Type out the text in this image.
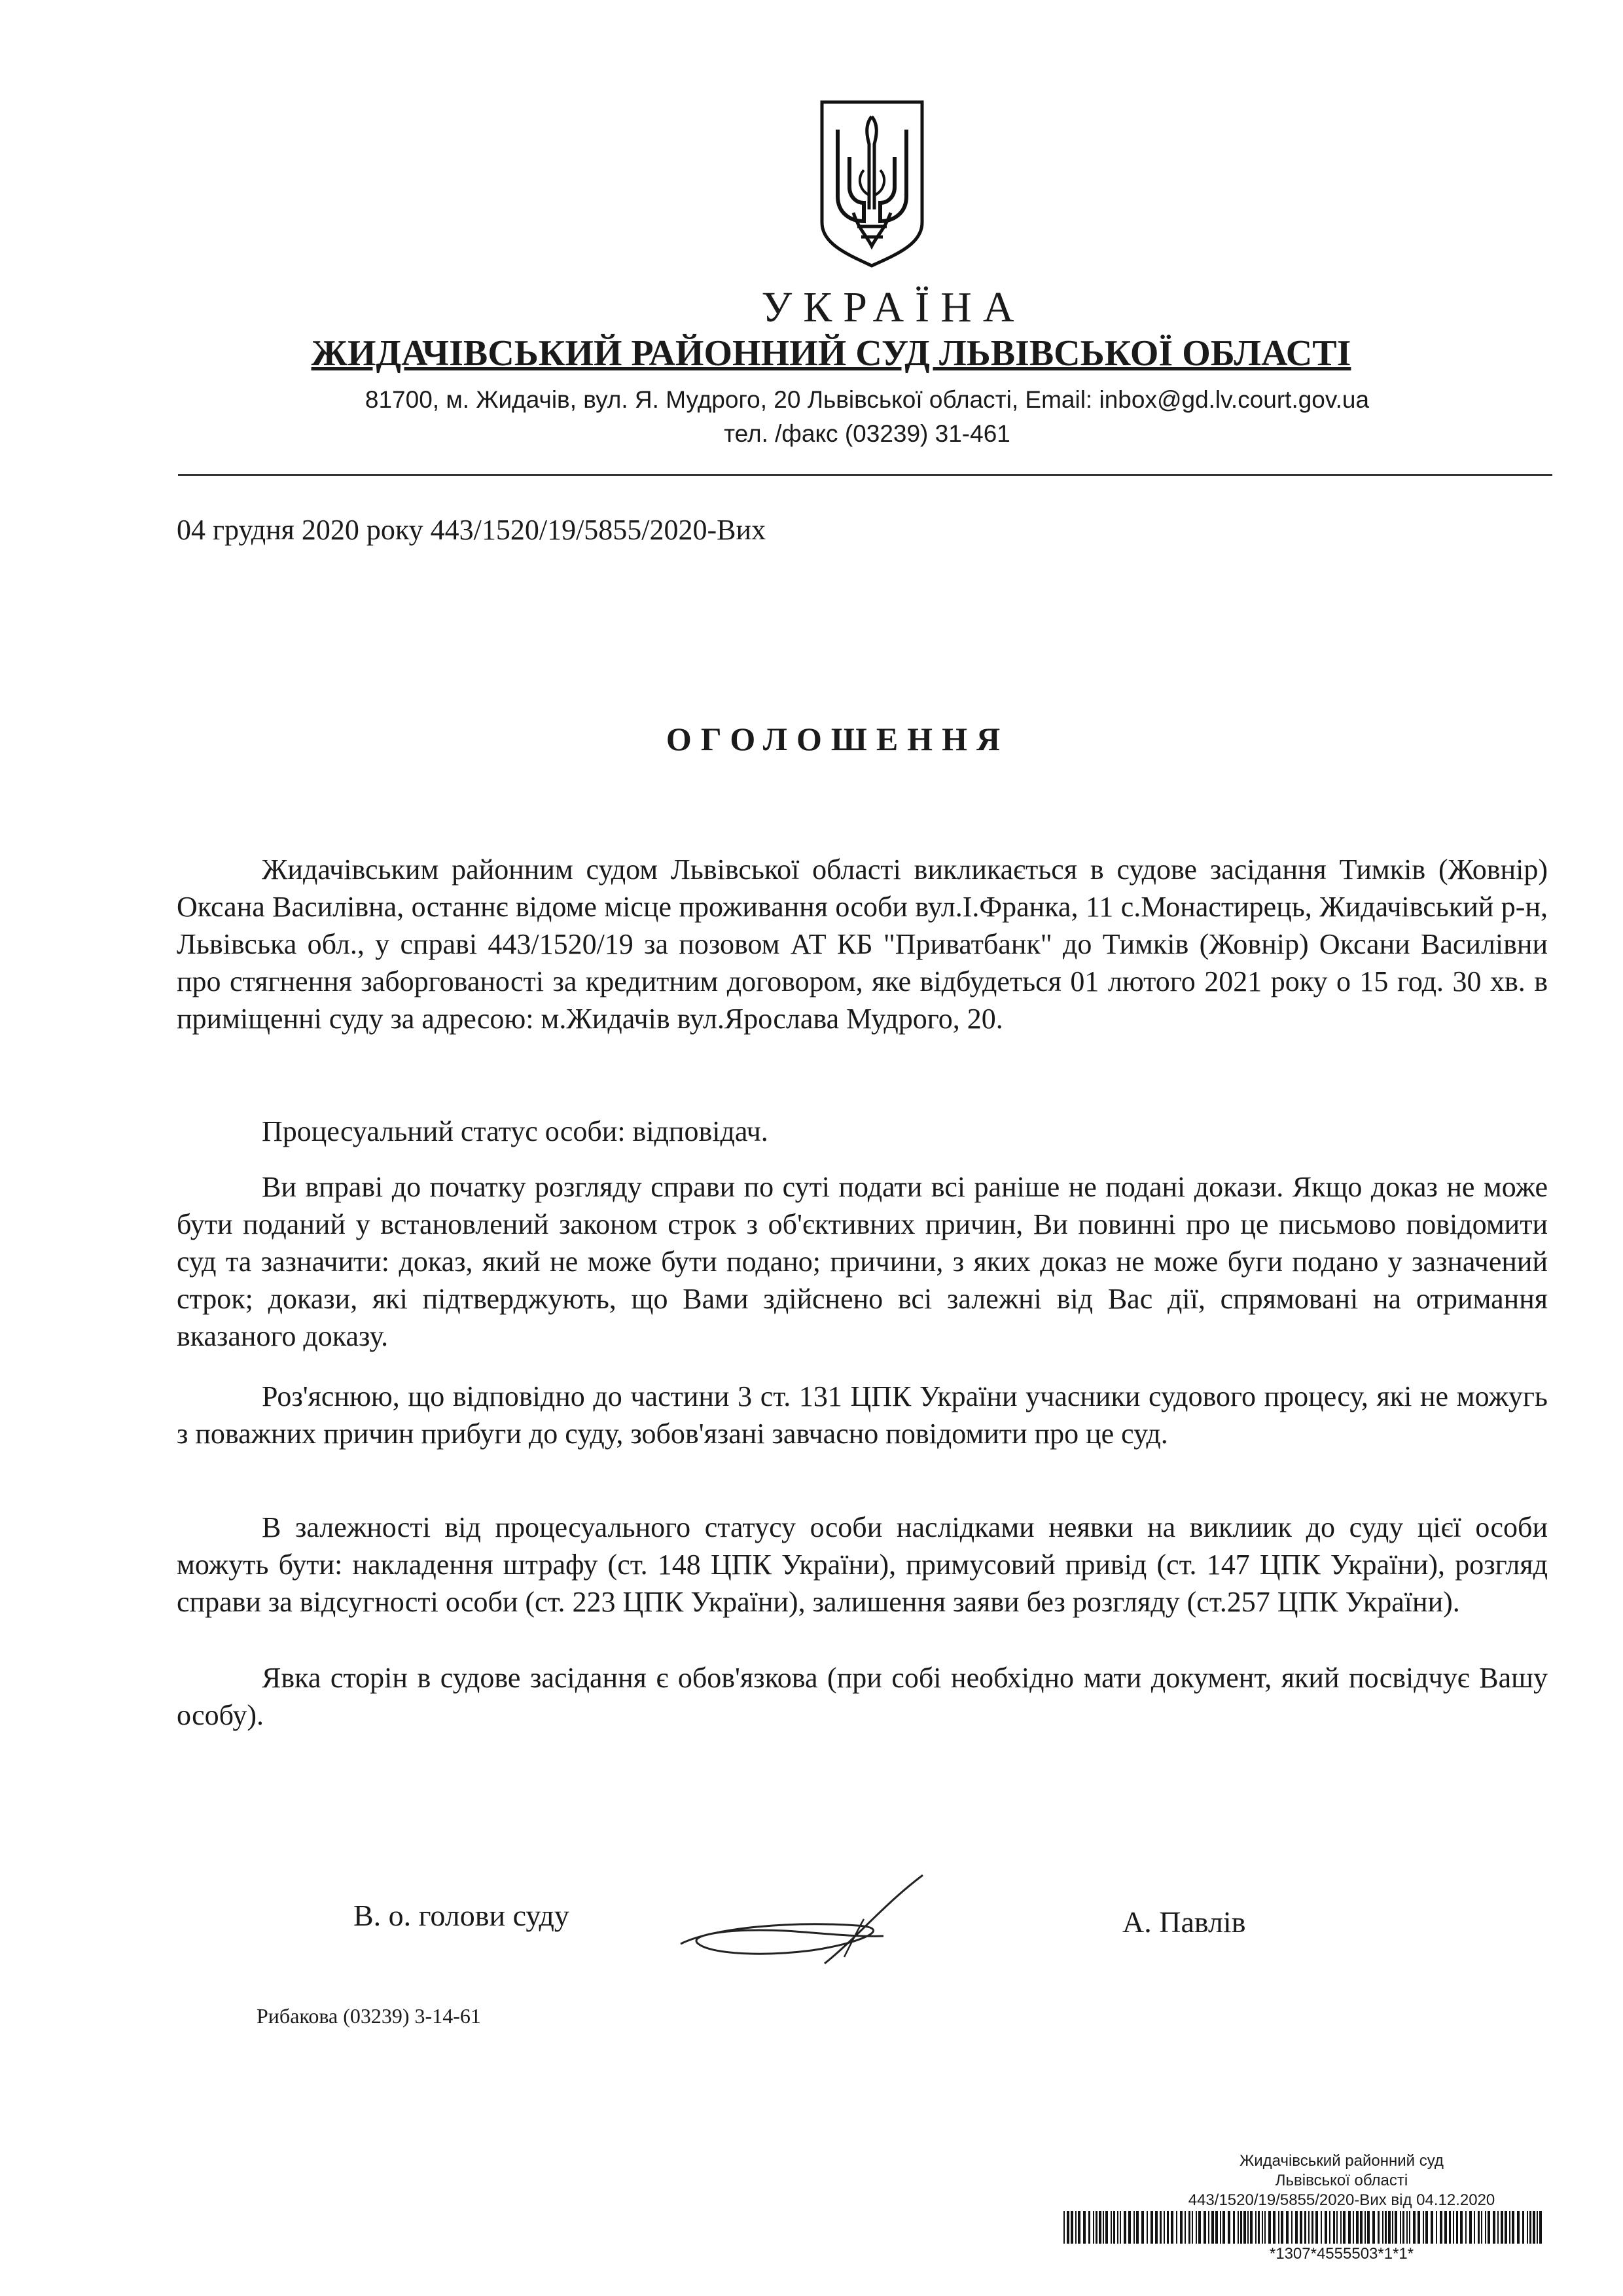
УКРАЇНА
ЖИДАЧІВСЬКИЙ РАЙОННИЙ СУД ЛЬВІВСЬКОЇ ОБЛАСТІ
81700, м. Жидачів, вул. Я. Мудрого, 20 Львівської області, Email: inbox@gd.lv.court.gov.ua
тел. /факс (03239) 31-461
04 грудня 2020 року 443/1520/19/5855/2020-Вих
ОГОЛОШЕННЯ
Жидачівським районним судом Львівської області викликається в судове засідання Тимків (Жовнір) Оксана Василівна, останнє відоме місце проживання особи вул.І.Франка, 11 с.Монастирець, Жидачівський р-н, Львівська обл., у справі 443/1520/19 за позовом АТ КБ "Приватбанк" до Тимків (Жовнір) Оксани Василівни про стягнення заборгованості за кредитним договором, яке відбудеться 01 лютого 2021 року о 15 год. 30 хв. в приміщенні суду за адресою: м.Жидачів вул.Ярослава Мудрого, 20.
Процесуальний статус особи: відповідач.
Ви вправі до початку розгляду справи по суті подати всі раніше не подані докази. Якщо доказ не може бути поданий у встановлений законом строк з об'єктивних причин, Ви повинні про це письмово повідомити суд та зазначити: доказ, який не може бути подано; причини, з яких доказ не може буги подано у зазначений строк; докази, які підтверджують, що Вами здійснено всі залежні від Вас дії, спрямовані на отримання вказаного доказу.
Роз'яснюю, що відповідно до частини 3 ст. 131 ЦПК України учасники судового процесу, які не можугь з поважних причин прибуги до суду, зобов'язані завчасно повідомити про це суд.
В залежності від процесуального статусу особи наслідками неявки на виклиик до суду цієї особи можуть бути: накладення штрафу (ст. 148 ЦПК України), примусовий привід (ст. 147 ЦПК України), розгляд справи за відсугності особи (ст. 223 ЦПК України), залишення заяви без розгляду (ст.257 ЦПК України).
Явка сторін в судове засідання є обов'язкова (при собі необхідно мати документ, який посвідчує Вашу особу).
В. о. голови суду	А. Павлів
Рибакова (03239) 3-14-61
Жидачівський районний суд
Львівської області
443/1520/19/5855/2020-Вих від 04.12.2020
*1307*4555503*1*1*
